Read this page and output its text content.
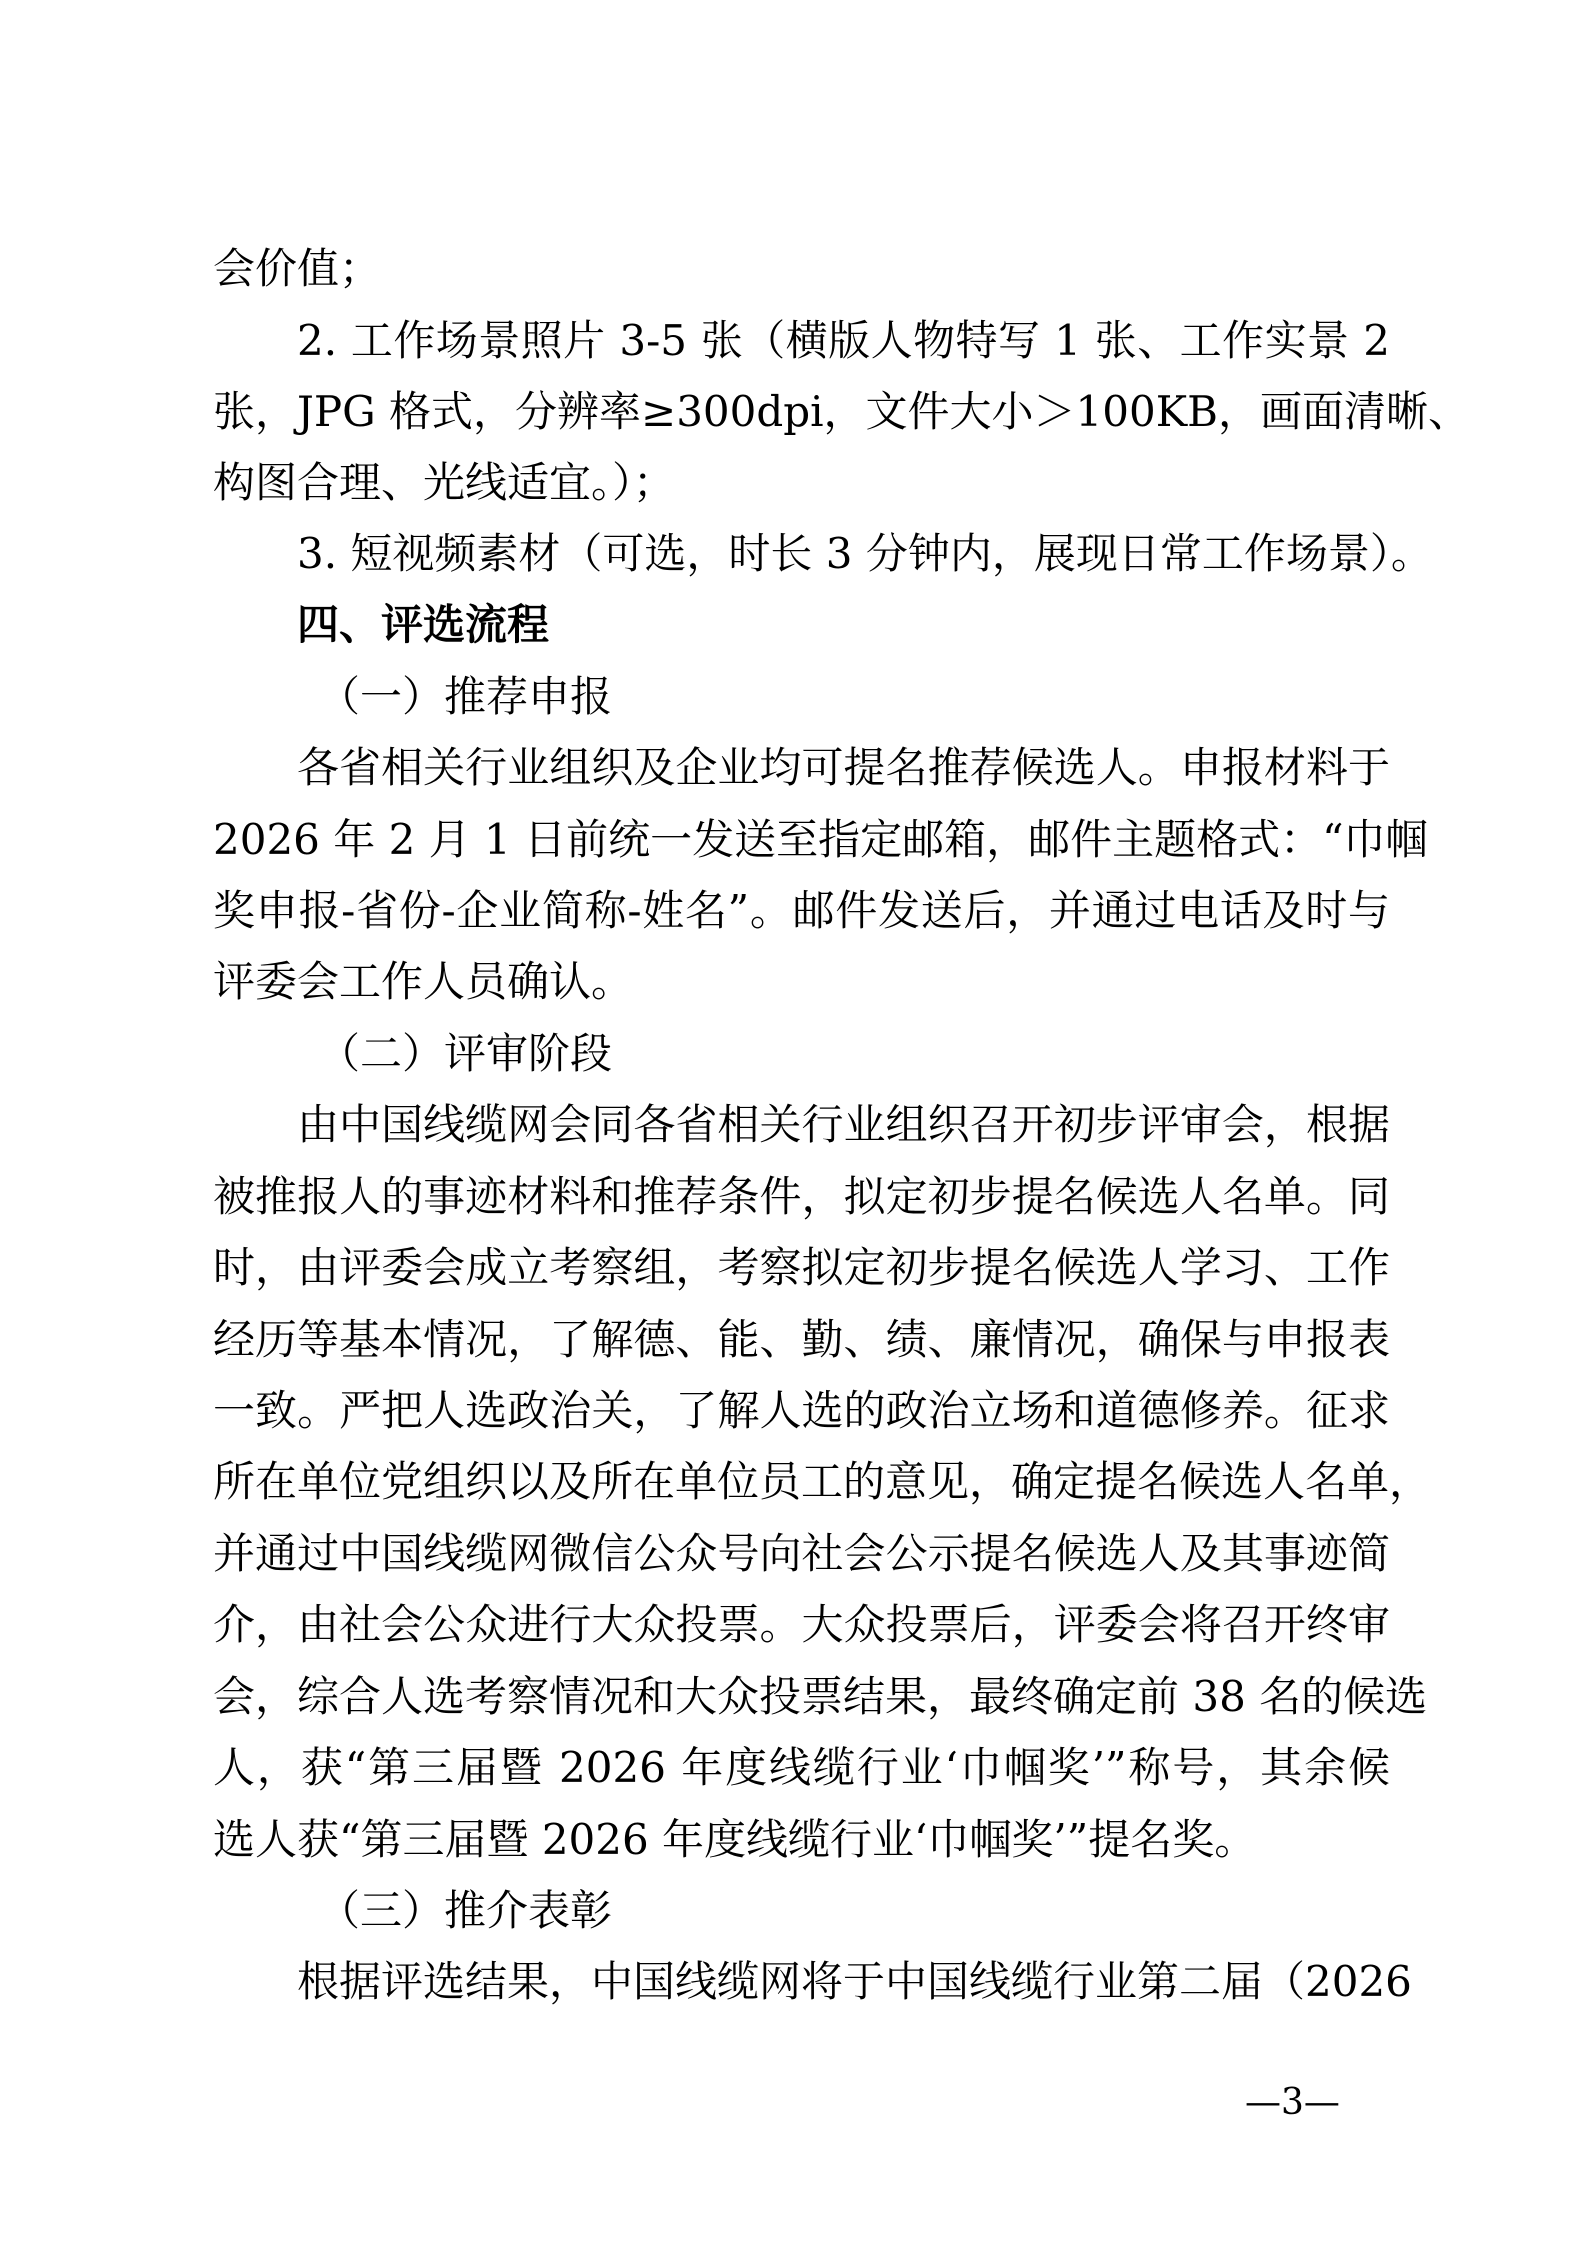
会价值；
2. 工作场景照片 3-5 张（横版人物特写 1 张、工作实景 2
张，JPG 格式，分辨率≥300dpi，文件大小＞100KB，画面清晰、
构图合理、光线适宜。）；
3. 短视频素材（可选，时长 3 分钟内，展现日常工作场景）。
四、评选流程
（一）推荐申报
各省相关行业组织及企业均可提名推荐候选人。申报材料于
2026 年 2 月 1 日前统一发送至指定邮箱，邮件主题格式：“巾帼
奖申报-省份-企业简称-姓名”。邮件发送后，并通过电话及时与
评委会工作人员确认。
（二）评审阶段
由中国线缆网会同各省相关行业组织召开初步评审会，根据
被推报人的事迹材料和推荐条件，拟定初步提名候选人名单。同
时，由评委会成立考察组，考察拟定初步提名候选人学习、工作
经历等基本情况，了解德、能、勤、绩、廉情况，确保与申报表
一致。严把人选政治关，了解人选的政治立场和道德修养。征求
所在单位党组织以及所在单位员工的意见，确定提名候选人名单，
并通过中国线缆网微信公众号向社会公示提名候选人及其事迹简
介，由社会公众进行大众投票。大众投票后，评委会将召开终审
会，综合人选考察情况和大众投票结果，最终确定前 38 名的候选
人，获“第三届暨 2026 年度线缆行业‘巾帼奖’”称号，其余候
选人获“第三届暨 2026 年度线缆行业‘巾帼奖’”提名奖。
（三）推介表彰
根据评选结果，中国线缆网将于中国线缆行业第二届（2026
—3—
